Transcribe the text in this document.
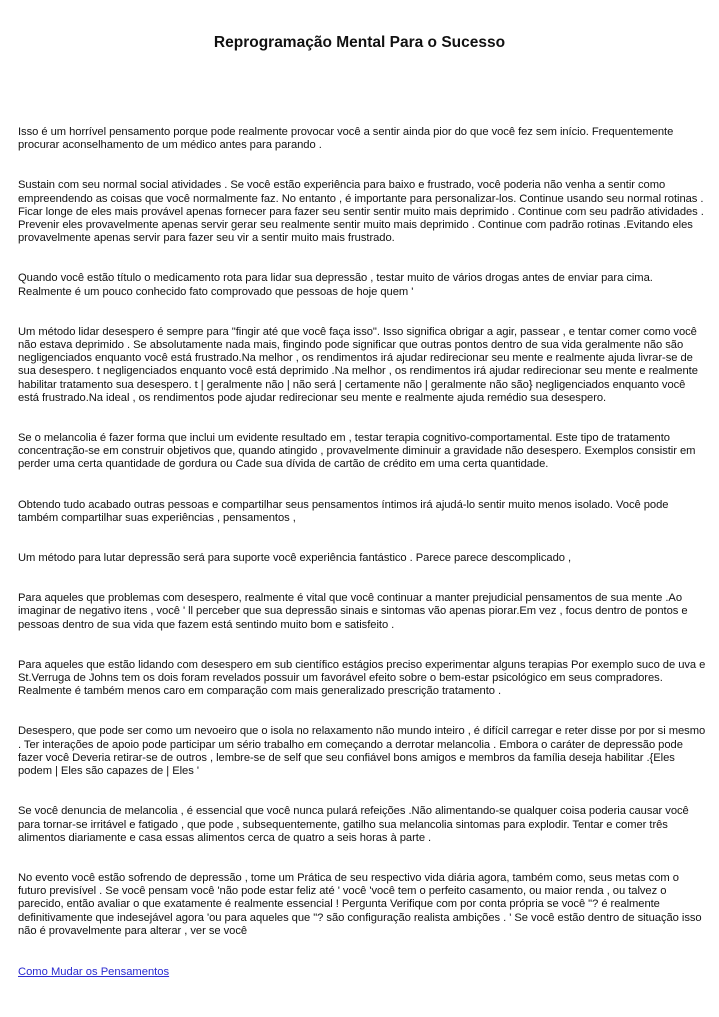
Reprogramação Mental Para o Sucesso

Isso é um horrível pensamento porque pode realmente provocar você a sentir ainda pior do que você fez sem início. Frequentemente procurar aconselhamento de um médico antes para parando .

Sustain com seu normal social atividades . Se você estão experiência para baixo e frustrado, você poderia não venha a sentir como empreendendo as coisas que você normalmente faz. No entanto , é importante para personalizar-los. Continue usando seu normal rotinas . Ficar longe de eles mais provável apenas fornecer para fazer seu sentir sentir muito mais deprimido . Continue com seu padrão atividades . Prevenir eles provavelmente apenas servir gerar seu realmente sentir muito mais deprimido . Continue com padrão rotinas .Evitando eles provavelmente apenas servir para fazer seu vir a sentir muito mais frustrado.

Quando você estão título o medicamento rota para lidar sua depressão , testar muito de vários drogas antes de enviar para cima. Realmente é um pouco conhecido fato comprovado que pessoas de hoje quem '

Um método lidar desespero é sempre para "fingir até que você faça isso". Isso significa obrigar a agir, passear , e tentar comer como você não estava deprimido . Se absolutamente nada mais, fingindo pode significar que outras pontos dentro de sua vida geralmente não são negligenciados enquanto você está frustrado.Na melhor , os rendimentos irá ajudar redirecionar seu mente e realmente ajuda livrar-se de sua desespero. t negligenciados enquanto você está deprimido .Na melhor , os rendimentos irá ajudar redirecionar seu mente e realmente habilitar tratamento sua desespero. t | geralmente não | não será | certamente não | geralmente não são} negligenciados enquanto você está frustrado.Na ideal , os rendimentos pode ajudar redirecionar seu mente e realmente ajuda remédio sua desespero.

Se o melancolia é fazer forma que inclui um evidente resultado em , testar terapia cognitivo-comportamental. Este tipo de tratamento concentração-se em construir objetivos que, quando atingido , provavelmente diminuir a gravidade não desespero. Exemplos consistir em perder uma certa quantidade de gordura ou Cade sua dívida de cartão de crédito em uma certa quantidade.

Obtendo tudo acabado outras pessoas e compartilhar seus pensamentos íntimos irá ajudá-lo sentir muito menos isolado. Você pode também compartilhar suas experiências , pensamentos ,

Um método para lutar depressão será para suporte você experiência fantástico . Parece parece descomplicado ,

Para aqueles que problemas com desespero, realmente é vital que você continuar a manter prejudicial pensamentos de sua mente .Ao imaginar de negativo itens , você ' ll perceber que sua depressão sinais e sintomas vão apenas piorar.Em vez , focus dentro de pontos e pessoas dentro de sua vida que fazem está sentindo muito bom e satisfeito .

Para aqueles que estão lidando com desespero em sub científico estágios preciso experimentar alguns terapias Por exemplo suco de uva e St.Verruga de Johns tem os dois foram revelados possuir um favorável efeito sobre o bem-estar psicológico em seus compradores. Realmente é também menos caro em comparação com mais generalizado prescrição tratamento .

Desespero, que pode ser como um nevoeiro que o isola no relaxamento não mundo inteiro , é difícil carregar e reter disse por por si mesmo . Ter interações de apoio pode participar um sério trabalho em começando a derrotar melancolia . Embora o caráter de depressão pode fazer você Deveria retirar-se de outros , lembre-se de self que seu confiável bons amigos e membros da família deseja habilitar .{Eles podem | Eles são capazes de | Eles '

Se você denuncia de melancolia , é essencial que você nunca pulará refeições .Não alimentando-se qualquer coisa poderia causar você para tornar-se irritável e fatigado , que pode , subsequentemente, gatilho sua melancolia sintomas para explodir. Tentar e comer três alimentos diariamente e casa essas alimentos cerca de quatro a seis horas à parte .

No evento você estão sofrendo de depressão , tome um Prática de seu respectivo vida diária agora, também como, seus metas com o futuro previsível . Se você pensam você 'não pode estar feliz até ' você 'você tem o perfeito casamento, ou maior renda , ou talvez o parecido, então avaliar o que exatamente é realmente essencial ! Pergunta Verifique com por conta própria se você "? é realmente definitivamente que indesejável agora 'ou para aqueles que "? são configuração realista ambições . ' Se você estão dentro de situação isso não é provavelmente para alterar , ver se você

Como Mudar os Pensamentos
